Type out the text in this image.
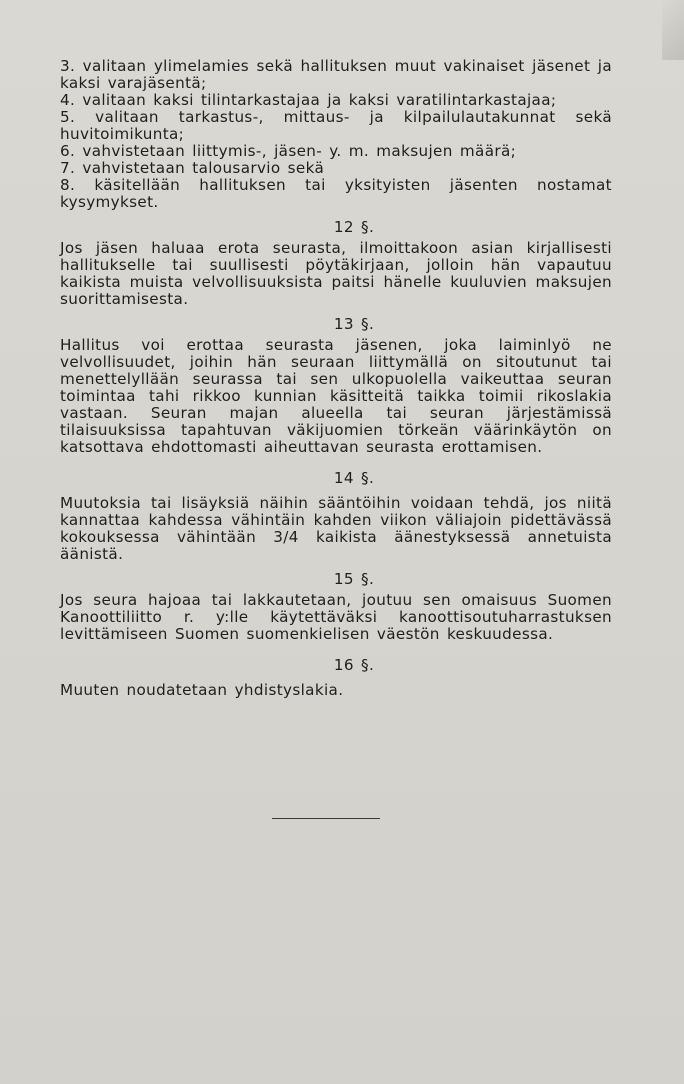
3. valitaan ylimelamies sekä hallituksen muut vakinaiset jäsenet ja kaksi varajäsentä;
4. valitaan kaksi tilintarkastajaa ja kaksi varatilintarkastajaa;
5. valitaan tarkastus-, mittaus- ja kilpailulautakunnat sekä huvitoimikunta;
6. vahvistetaan liittymis-, jäsen- y. m. maksujen määrä;
7. vahvistetaan talousarvio sekä
8. käsitellään hallituksen tai yksityisten jäsenten nostamat kysymykset.
12 §.
Jos jäsen haluaa erota seurasta, ilmoittakoon asian kirjallisesti hallitukselle tai suullisesti pöytäkirjaan, jolloin hän vapautuu kaikista muista velvollisuuksista paitsi hänelle kuuluvien maksujen suorittamisesta.
13 §.
Hallitus voi erottaa seurasta jäsenen, joka laiminlyö ne velvollisuudet, joihin hän seuraan liittymällä on sitoutunut tai menettelyllään seurassa tai sen ulkopuolella vaikeuttaa seuran toimintaa tahi rikkoo kunnian käsitteitä taikka toimii rikoslakia vastaan. Seuran majan alueella tai seuran järjestämissä tilaisuuksissa tapahtuvan väkijuomien törkeän väärinkäytön on katsottava ehdottomasti aiheuttavan seurasta erottamisen.
14 §.
Muutoksia tai lisäyksiä näihin sääntöihin voidaan tehdä, jos niitä kannattaa kahdessa vähintäin kahden viikon väliajoin pidettävässä kokouksessa vähintään 3/4 kaikista äänestyksessä annetuista äänistä.
15 §.
Jos seura hajoaa tai lakkautetaan, joutuu sen omaisuus Suomen Kanoottiliitto r. y:lle käytettäväksi kanoottisoutuharrastuksen levittämiseen Suomen suomenkielisen väestön keskuudessa.
16 §.
Muuten noudatetaan yhdistyslakia.
